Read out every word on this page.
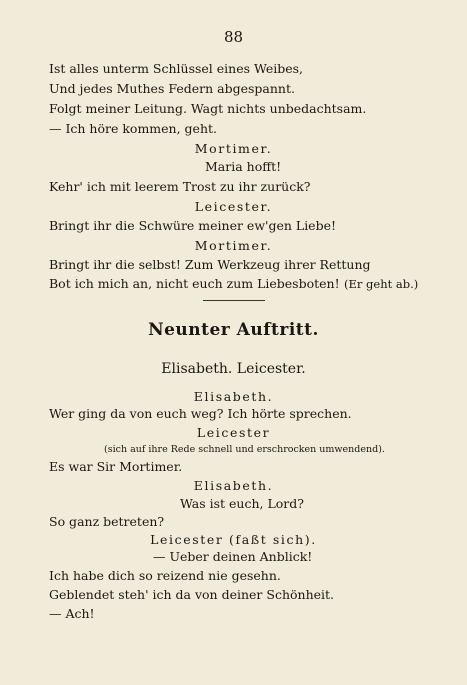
88
Ist alles unterm Schlüssel eines Weibes,
Und jedes Muthes Federn abgespannt.
Folgt meiner Leitung. Wagt nichts unbedachtsam.
— Ich höre kommen, geht.
Mortimer.
Maria hofft!
Kehr' ich mit leerem Trost zu ihr zurück?
Leicester.
Bringt ihr die Schwüre meiner ew'gen Liebe!
Mortimer.
Bringt ihr die selbst! Zum Werkzeug ihrer Rettung
Bot ich mich an, nicht euch zum Liebesboten! (Er geht ab.)
Neunter Auftritt.
Elisabeth. Leicester.
Elisabeth.
Wer ging da von euch weg? Ich hörte sprechen.
Leicester
(sich auf ihre Rede schnell und erschrocken umwendend).
Es war Sir Mortimer.
Elisabeth.
Was ist euch, Lord?
So ganz betreten?
Leicester (faßt sich).
— Ueber deinen Anblick!
Ich habe dich so reizend nie gesehn.
Geblendet steh' ich da von deiner Schönheit.
— Ach!
